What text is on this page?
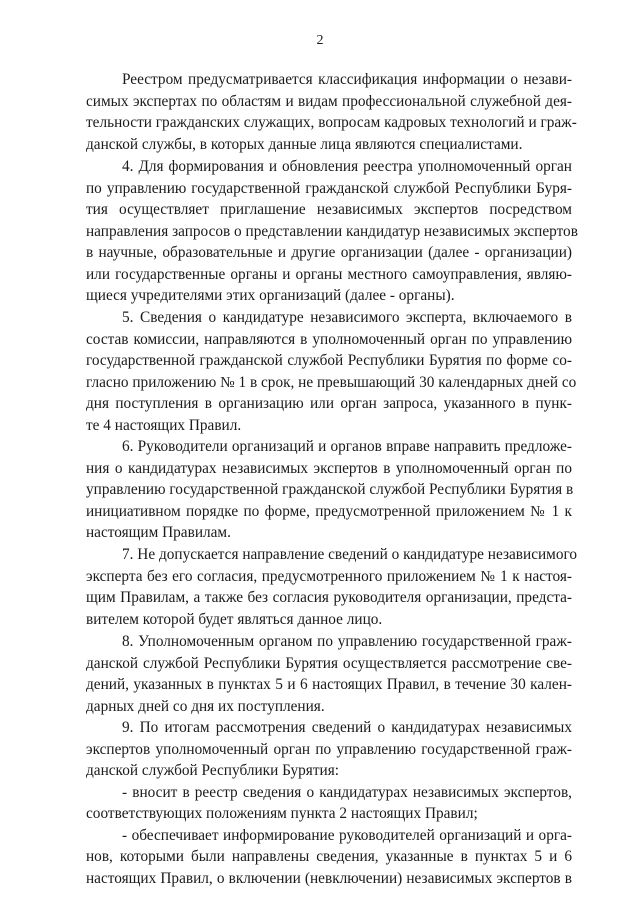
2
Реестром предусматривается классификация информации о незави-
симых экспертах по областям и видам профессиональной служебной дея-
тельности гражданских служащих, вопросам кадровых технологий и граж-
данской службы, в которых данные лица являются специалистами.
4. Для формирования и обновления реестра уполномоченный орган
по управлению государственной гражданской службой Республики Буря-
тия осуществляет приглашение независимых экспертов посредством
направления запросов о представлении кандидатур независимых экспертов
в научные, образовательные и другие организации (далее - организации)
или государственные органы и органы местного самоуправления, являю-
щиеся учредителями этих организаций (далее - органы).
5. Сведения о кандидатуре независимого эксперта, включаемого в
состав комиссии, направляются в уполномоченный орган по управлению
государственной гражданской службой Республики Бурятия по форме со-
гласно приложению № 1 в срок, не превышающий 30 календарных дней со
дня поступления в организацию или орган запроса, указанного в пунк-
те 4 настоящих Правил.
6. Руководители организаций и органов вправе направить предложе-
ния о кандидатурах независимых экспертов в уполномоченный орган по
управлению государственной гражданской службой Республики Бурятия в
инициативном порядке по форме, предусмотренной приложением № 1 к
настоящим Правилам.
7. Не допускается направление сведений о кандидатуре независимого
эксперта без его согласия, предусмотренного приложением № 1 к настоя-
щим Правилам, а также без согласия руководителя организации, предста-
вителем которой будет являться данное лицо.
8. Уполномоченным органом по управлению государственной граж-
данской службой Республики Бурятия осуществляется рассмотрение све-
дений, указанных в пунктах 5 и 6 настоящих Правил, в течение 30 кален-
дарных дней со дня их поступления.
9. По итогам рассмотрения сведений о кандидатурах независимых
экспертов уполномоченный орган по управлению государственной граж-
данской службой Республики Бурятия:
- вносит в реестр сведения о кандидатурах независимых экспертов,
соответствующих положениям пункта 2 настоящих Правил;
- обеспечивает информирование руководителей организаций и орга-
нов, которыми были направлены сведения, указанные в пунктах 5 и 6
настоящих Правил, о включении (невключении) независимых экспертов в
